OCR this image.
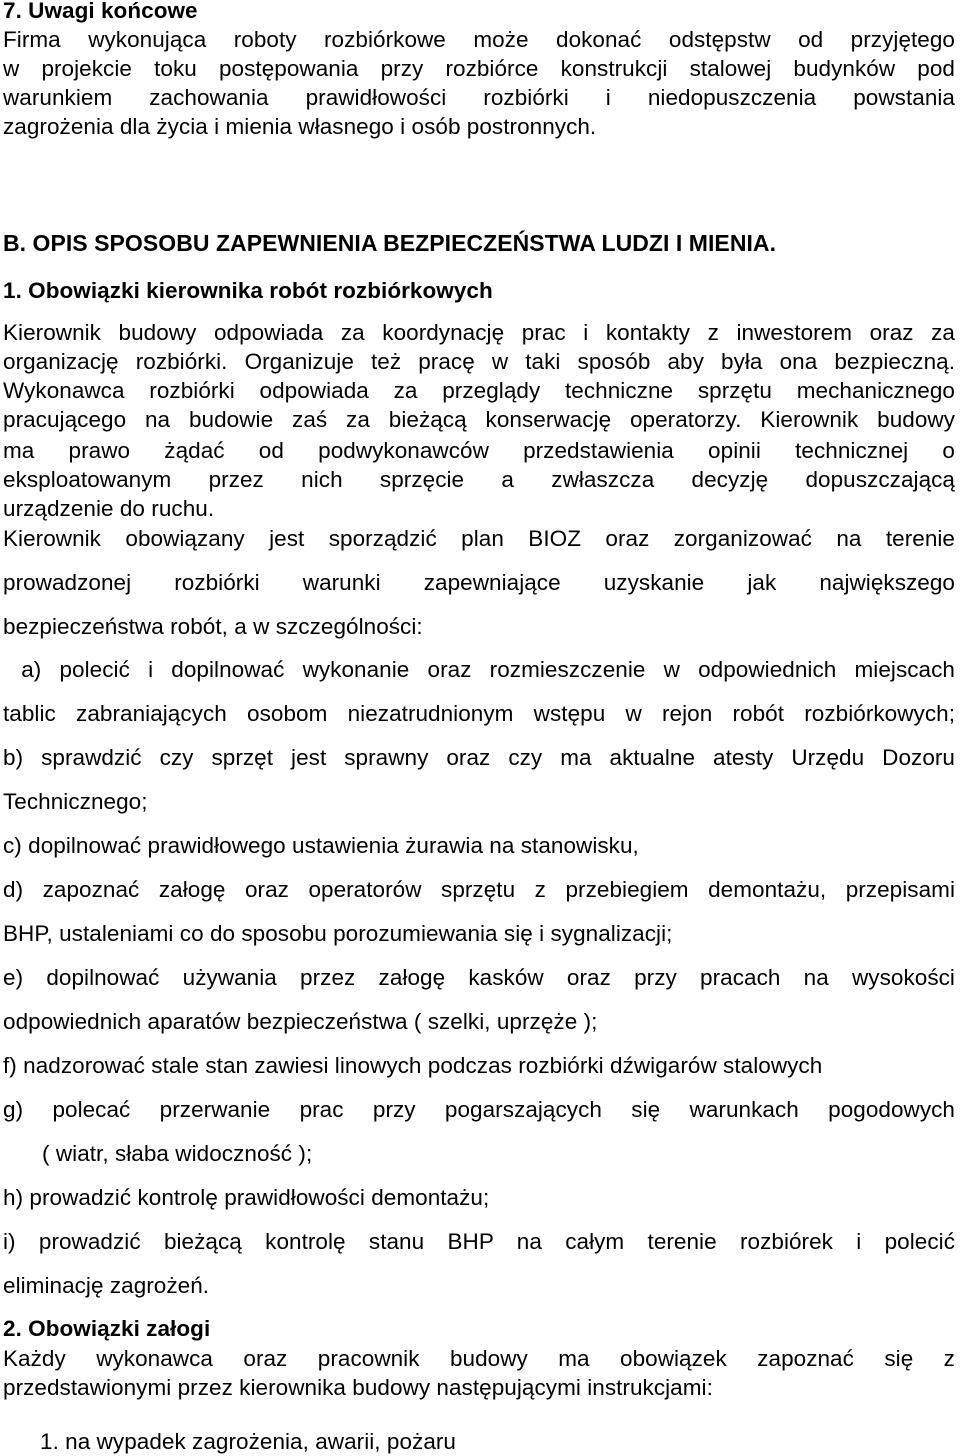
7. Uwagi końcowe
Firma wykonująca roboty rozbiórkowe może dokonać odstępstw od przyjętego
w projekcie toku postępowania przy rozbiórce konstrukcji stalowej budynków pod
warunkiem zachowania prawidłowości rozbiórki i niedopuszczenia powstania
zagrożenia dla życia i mienia własnego i osób postronnych.
B. OPIS SPOSOBU ZAPEWNIENIA BEZPIECZEŃSTWA LUDZI I MIENIA.
1. Obowiązki kierownika robót rozbiórkowych
Kierownik budowy odpowiada za koordynację prac i kontakty z inwestorem oraz za
organizację rozbiórki. Organizuje też pracę w taki sposób aby była ona bezpieczną.
Wykonawca rozbiórki odpowiada za przeglądy techniczne sprzętu mechanicznego
pracującego na budowie zaś za bieżącą konserwację operatorzy. Kierownik budowy
ma prawo żądać od podwykonawców przedstawienia opinii technicznej o
eksploatowanym przez nich sprzęcie a zwłaszcza decyzję dopuszczającą
urządzenie do ruchu.
Kierownik obowiązany jest sporządzić plan BIOZ oraz zorganizować na terenie
prowadzonej rozbiórki warunki zapewniające uzyskanie jak największego
bezpieczeństwa robót, a w szczególności:
a) polecić i dopilnować wykonanie oraz rozmieszczenie w odpowiednich miejscach
tablic zabraniających osobom niezatrudnionym wstępu w rejon robót rozbiórkowych;
b) sprawdzić czy sprzęt jest sprawny oraz czy ma aktualne atesty Urzędu Dozoru
Technicznego;
c) dopilnować prawidłowego ustawienia żurawia na stanowisku,
d) zapoznać załogę oraz operatorów sprzętu z przebiegiem demontażu, przepisami
BHP, ustaleniami co do sposobu porozumiewania się i sygnalizacji;
e) dopilnować używania przez załogę kasków oraz przy pracach na wysokości
odpowiednich aparatów bezpieczeństwa ( szelki, uprzęże );
f) nadzorować stale stan zawiesi linowych podczas rozbiórki dźwigarów stalowych
g) polecać przerwanie prac przy pogarszających się warunkach pogodowych
( wiatr, słaba widoczność );
h) prowadzić kontrolę prawidłowości demontażu;
i) prowadzić bieżącą kontrolę stanu BHP na całym terenie rozbiórek i polecić
eliminację zagrożeń.
2. Obowiązki załogi
Każdy wykonawca oraz pracownik budowy ma obowiązek zapoznać się z
przedstawionymi przez kierownika budowy następującymi instrukcjami:
1. na wypadek zagrożenia, awarii, pożaru
